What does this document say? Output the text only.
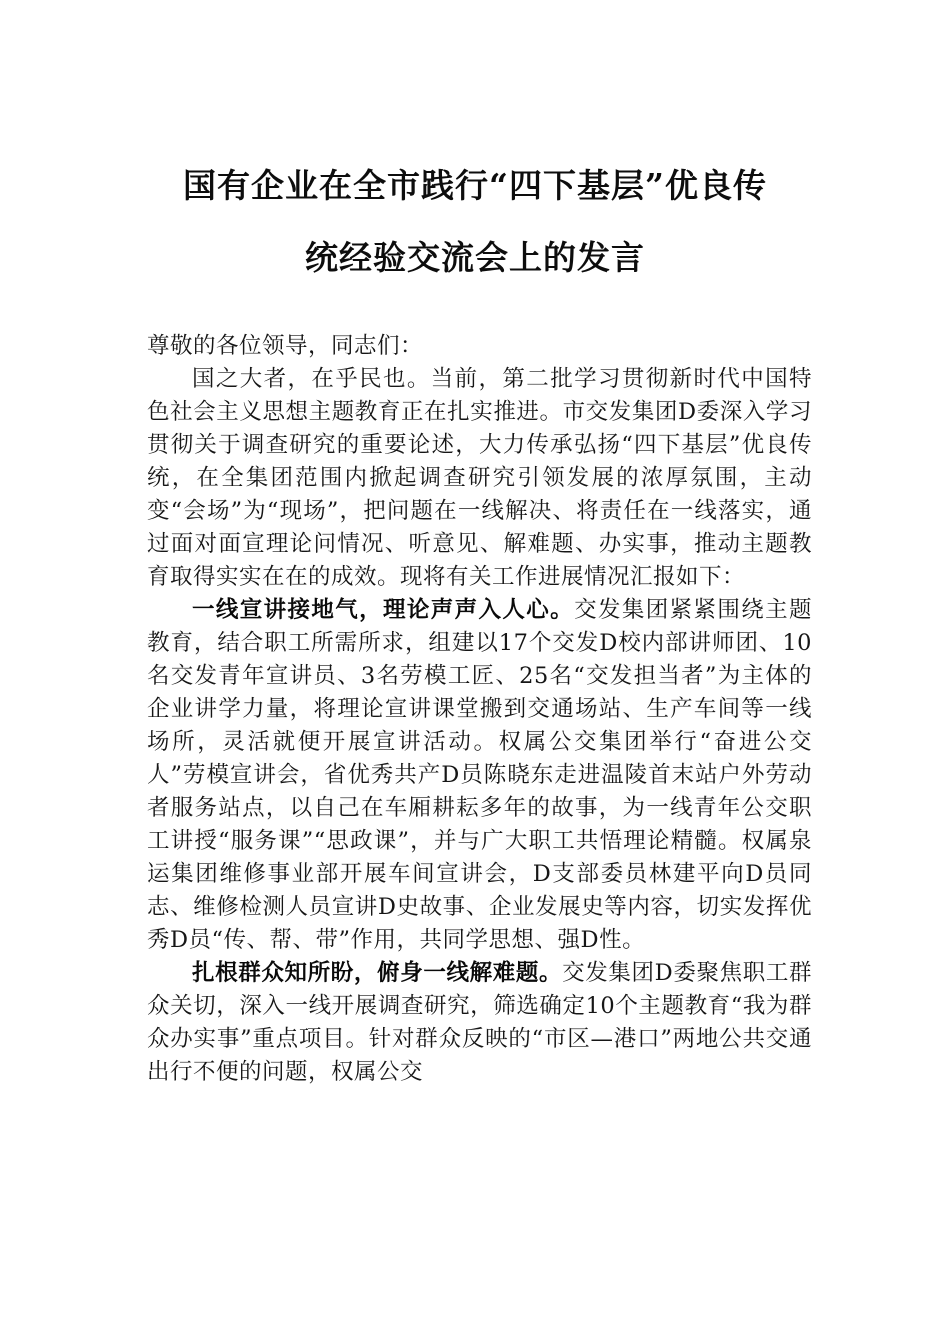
国有企业在全市践行“四下基层”优良传
统经验交流会上的发言

尊敬的各位领导，同志们：

国之大者，在乎民也。当前，第二批学习贯彻新时代中国特色社会主义思想主题教育正在扎实推进。市交发集团D委深入学习贯彻关于调查研究的重要论述，大力传承弘扬“四下基层”优良传统，在全集团范围内掀起调查研究引领发展的浓厚氛围，主动变“会场”为“现场”，把问题在一线解决、将责任在一线落实，通过面对面宣理论问情况、听意见、解难题、办实事，推动主题教育取得实实在在的成效。现将有关工作进展情况汇报如下：

一线宣讲接地气，理论声声入人心。交发集团紧紧围绕主题教育，结合职工所需所求，组建以17个交发D校内部讲师团、10名交发青年宣讲员、3名劳模工匠、25名“交发担当者”为主体的企业讲学力量，将理论宣讲课堂搬到交通场站、生产车间等一线场所，灵活就便开展宣讲活动。权属公交集团举行“奋进公交人”劳模宣讲会，省优秀共产D员陈晓东走进温陵首末站户外劳动者服务站点，以自己在车厢耕耘多年的故事，为一线青年公交职工讲授“服务课”“思政课”，并与广大职工共悟理论精髓。权属泉运集团维修事业部开展车间宣讲会，D支部委员林建平向D员同志、维修检测人员宣讲D史故事、企业发展史等内容，切实发挥优秀D员“传、帮、带”作用，共同学思想、强D性。

扎根群众知所盼，俯身一线解难题。交发集团D委聚焦职工群众关切，深入一线开展调查研究，筛选确定10个主题教育“我为群众办实事”重点项目。针对群众反映的“市区—港口”两地公共交通出行不便的问题，权属公交
